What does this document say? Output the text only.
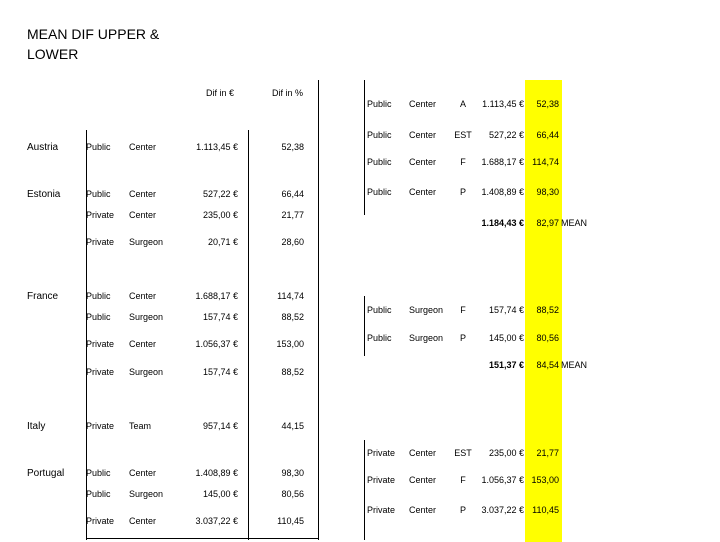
MEAN DIF UPPER & LOWER
Dif in €	Dif in %
Austria	Public Center	1.113,45 €	52,38
Estonia	Public Center	527,22 €	66,44
Private Center	235,00 €	21,77
Private Surgeon	20,71 €	28,60
France	Public Center	1.688,17 €	114,74
Public Surgeon	157,74 €	88,52
Private Center	1.056,37 €	153,00
Private Surgeon	157,74 €	88,52
Italy	Private Team	957,14 €	44,15
Portugal Public Center	1.408,89 €	98,30
Public Surgeon	145,00 €	80,56
Private Center	3.037,22 €	110,45
Public Center	A	1.113,45 €	52,38
Public Center	EST	527,22 €	66,44
Public Center	F	1.688,17 € 114,74
Public Center	P	1.408,89 €	98,30
1.184,43 €	82,97 MEAN
Public Surgeon	F	157,74 €	88,52
Public Surgeon	P	145,00 €	80,56
151,37 €	84,54 MEAN
Private Center	EST	235,00 €	21,77
Private Center	F	1.056,37 € 153,00
Private Center	P	3.037,22 € 110,45
